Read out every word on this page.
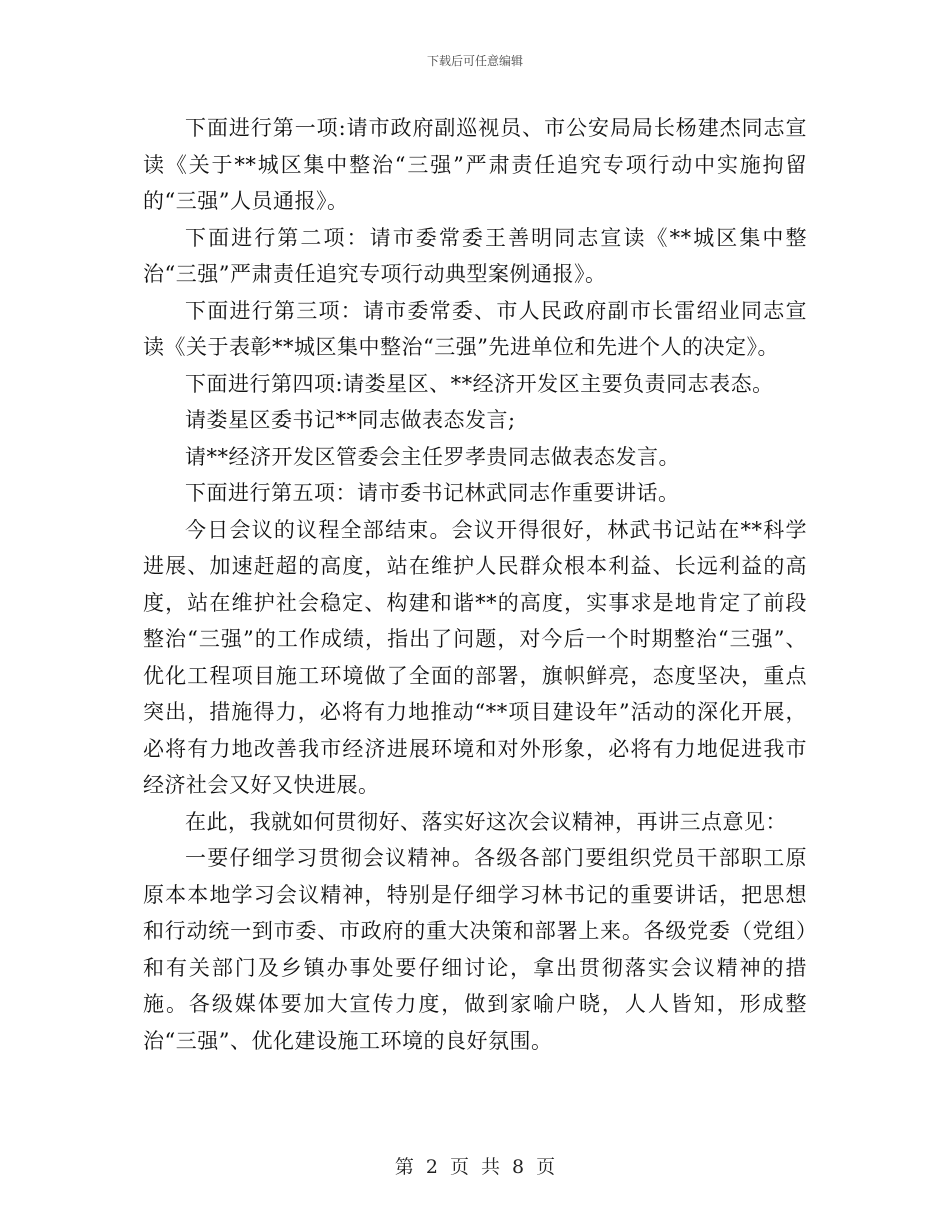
下载后可任意编辑

下面进行第一项:请市政府副巡视员、市公安局局长杨建杰同志宣读《关于**城区集中整治“三强”严肃责任追究专项行动中实施拘留的“三强”人员通报》。

下面进行第二项：请市委常委王善明同志宣读《**城区集中整治“三强”严肃责任追究专项行动典型案例通报》。

下面进行第三项：请市委常委、市人民政府副市长雷绍业同志宣读《关于表彰**城区集中整治“三强”先进单位和先进个人的决定》。

下面进行第四项:请娄星区、**经济开发区主要负责同志表态。

请娄星区委书记**同志做表态发言;

请**经济开发区管委会主任罗孝贵同志做表态发言。

下面进行第五项：请市委书记林武同志作重要讲话。

今日会议的议程全部结束。会议开得很好，林武书记站在**科学进展、加速赶超的高度，站在维护人民群众根本利益、长远利益的高度，站在维护社会稳定、构建和谐**的高度，实事求是地肯定了前段整治“三强”的工作成绩，指出了问题，对今后一个时期整治“三强”、优化工程项目施工环境做了全面的部署，旗帜鲜亮，态度坚决，重点突出，措施得力，必将有力地推动“**项目建设年”活动的深化开展，必将有力地改善我市经济进展环境和对外形象，必将有力地促进我市经济社会又好又快进展。

在此，我就如何贯彻好、落实好这次会议精神，再讲三点意见：

一要仔细学习贯彻会议精神。各级各部门要组织党员干部职工原原本本地学习会议精神，特别是仔细学习林书记的重要讲话，把思想和行动统一到市委、市政府的重大决策和部署上来。各级党委（党组）和有关部门及乡镇办事处要仔细讨论，拿出贯彻落实会议精神的措施。各级媒体要加大宣传力度，做到家喻户晓，人人皆知，形成整治“三强”、优化建设施工环境的良好氛围。

第 2 页 共 8 页
